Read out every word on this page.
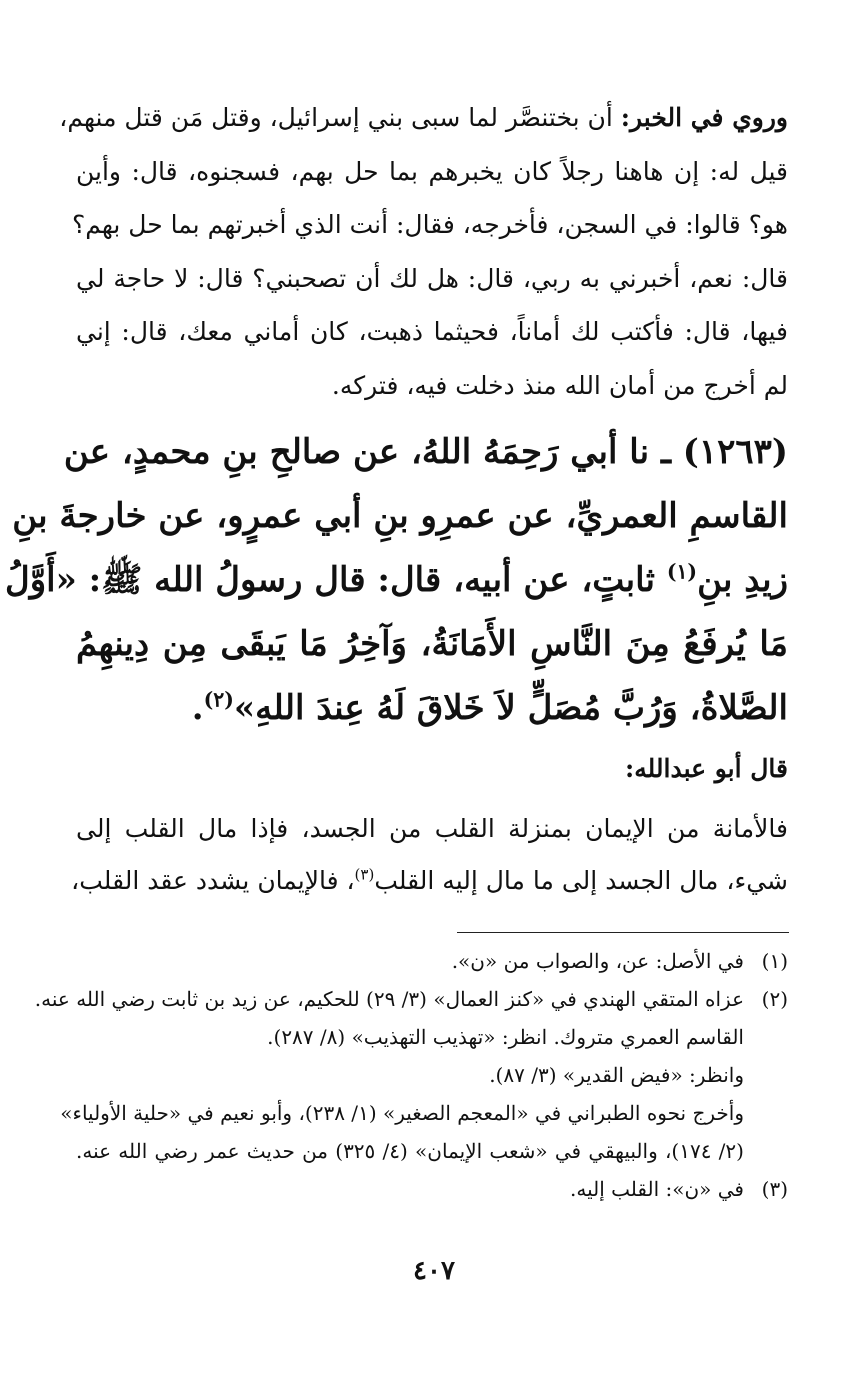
وروي في الخبر: أن بختنصَّر لما سبى بني إسرائيل، وقتل مَن قتل منهم،
قيل له: إن هاهنا رجلاً كان يخبرهم بما حل بهم، فسجنوه، قال: وأين
هو؟ قالوا: في السجن، فأخرجه، فقال: أنت الذي أخبرتهم بما حل بهم؟
قال: نعم، أخبرني به ربي، قال: هل لك أن تصحبني؟ قال: لا حاجة لي
فيها، قال: فأكتب لك أماناً، فحيثما ذهبت، كان أماني معك، قال: إني
لم أخرج من أمان الله منذ دخلت فيه، فتركه.
(١٢٦٣) ـ نا أبي رَحِمَهُ اللهُ، عن صالحِ بنِ محمدٍ، عن
القاسمِ العمريِّ، عن عمرِو بنِ أبي عمرٍو، عن خارجةَ بنِ
زيدِ بنِ$^{(١)}$ ثابتٍ، عن أبيه، قال: قال رسولُ الله ﷺ: «أَوَّلُ
مَا يُرفَعُ مِنَ النَّاسِ الأَمَانَةُ، وَآخِرُ مَا يَبقَى مِن دِينهِمُ
الصَّلاةُ، وَرُبَّ مُصَلٍّ لاَ خَلاقَ لَهُ عِندَ اللهِ»$^{(٢)}$.
قال أبو عبدالله:
فالأمانة من الإيمان بمنزلة القلب من الجسد، فإذا مال القلب إلى
شيء، مال الجسد إلى ما مال إليه القلب$^{(٣)}$، فالإيمان يشدد عقد القلب،
(١)في الأصل: عن، والصواب من «ن».
(٢)عزاه المتقي الهندي في «كنز العمال» (٣/ ٢٩) للحكيم، عن زيد بن ثابت رضي الله عنه.
القاسم العمري متروك. انظر: «تهذيب التهذيب» (٨/ ٢٨٧).
وانظر: «فيض القدير» (٣/ ٨٧).
وأخرج نحوه الطبراني في «المعجم الصغير» (١/ ٢٣٨)، وأبو نعيم في «حلية الأولياء»
(٢/ ١٧٤)، والبيهقي في «شعب الإيمان» (٤/ ٣٢٥) من حديث عمر رضي الله عنه.
(٣)في «ن»: القلب إليه.
٤٠٧
